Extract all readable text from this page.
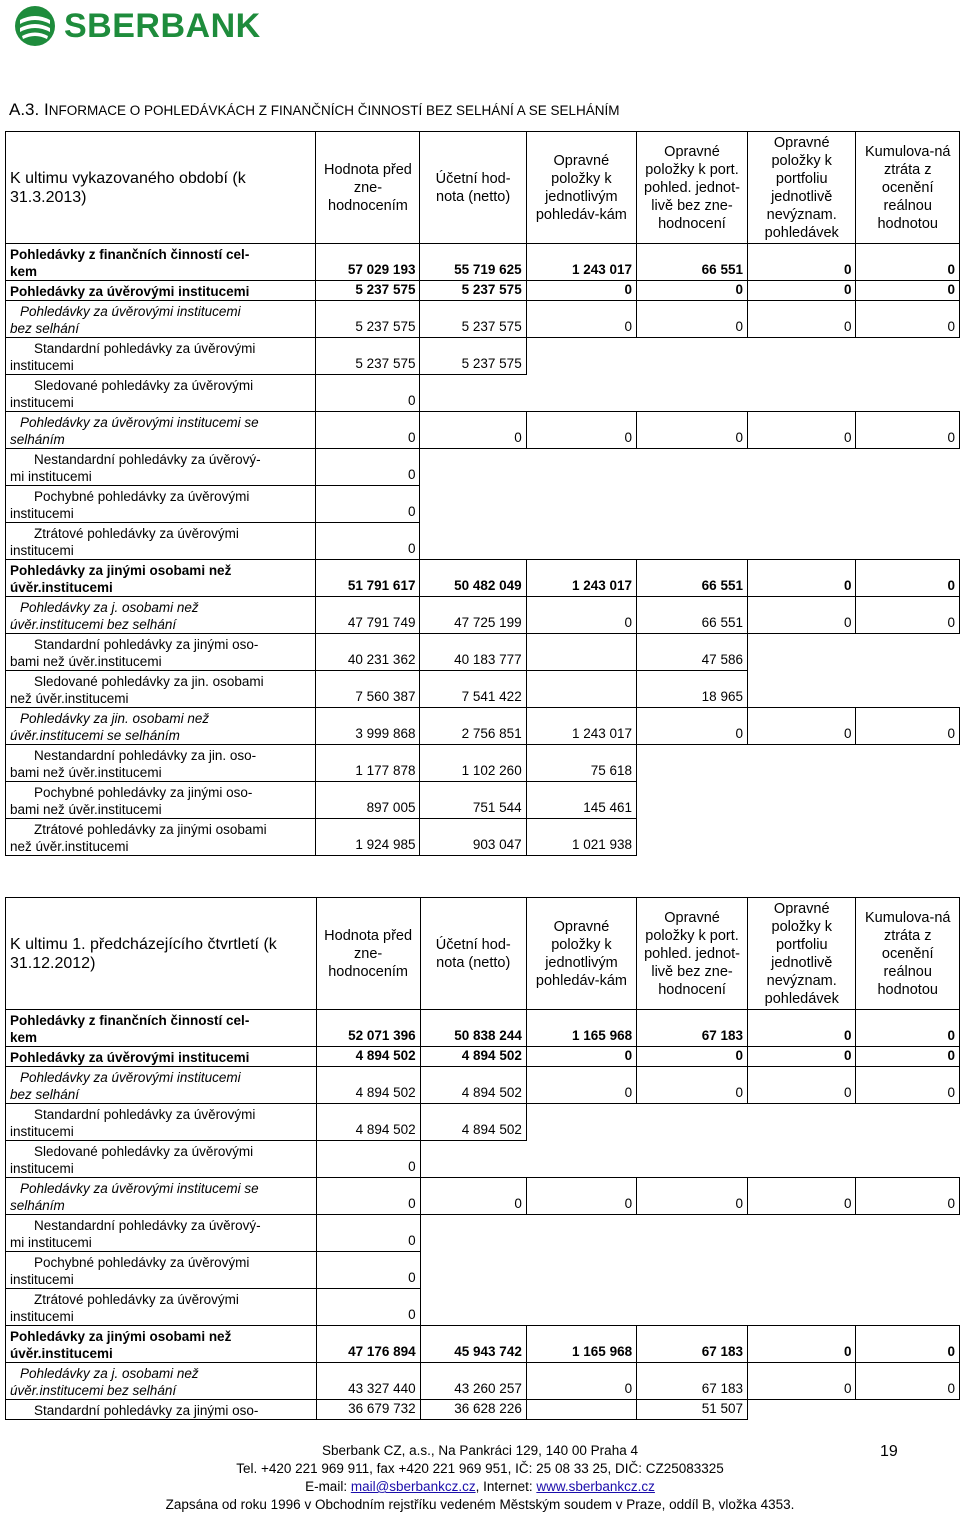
SBERBANK
A.3. INFORMACE O POHLEDÁVKÁCH Z FINANČNÍCH ČINNOSTÍ BEZ SELHÁNÍ A SE SELHÁNÍM
K ultimu vykazovaného období (k 31.3.2013)	Hodnota před zne-hodnocením	Účetní hod-nota (netto)	Opravné položky k jednotlivým pohledáv-kám	Opravné položky k port. pohled. jednot-livě bez zne-hodnocení	Opravné položky k portfoliu jednotlivě nevýznam. pohledávek	Kumulova-ná ztráta z ocenění reálnou hodnotou

Pohledávky z finančních činností cel-
kem	57 029 193	55 719 625	1 243 017	66 551	0	0

Pohledávky za úvěrovými institucemi	5 237 575	5 237 575	0	0	0	0

Pohledávky za úvěrovými institucemi
bez selhání	5 237 575	5 237 575	0	0	0	0

Standardní pohledávky za úvěrovými
institucemi	5 237 575	5 237 575				

Sledované pohledávky za úvěrovými
institucemi	0					

Pohledávky za úvěrovými institucemi se
selháním	0	0	0	0	0	0

Nestandardní pohledávky za úvěrový-
mi institucemi	0					

Pochybné pohledávky za úvěrovými
institucemi	0					

Ztrátové pohledávky za úvěrovými
institucemi	0					

Pohledávky za jinými osobami než
úvěr.institucemi	51 791 617	50 482 049	1 243 017	66 551	0	0

Pohledávky za j. osobami než
úvěr.institucemi bez selhání	47 791 749	47 725 199	0	66 551	0	0

Standardní pohledávky za jinými oso-
bami než úvěr.institucemi	40 231 362	40 183 777		47 586		

Sledované pohledávky za jin. osobami
než úvěr.institucemi	7 560 387	7 541 422		18 965		

Pohledávky za jin. osobami než
úvěr.institucemi se selháním	3 999 868	2 756 851	1 243 017	0	0	0

Nestandardní pohledávky za jin. oso-
bami než úvěr.institucemi	1 177 878	1 102 260	75 618			

Pochybné pohledávky za jinými oso-
bami než úvěr.institucemi	897 005	751 544	145 461			

Ztrátové pohledávky za jinými osobami
než úvěr.institucemi	1 924 985	903 047	1 021 938			
K ultimu 1. předcházejícího čtvrtletí (k 31.12.2012)	Hodnota před zne-hodnocením	Účetní hod-nota (netto)	Opravné položky k jednotlivým pohledáv-kám	Opravné položky k port. pohled. jednot-livě bez zne-hodnocení	Opravné položky k portfoliu jednotlivě nevýznam. pohledávek	Kumulova-ná ztráta z ocenění reálnou hodnotou

Pohledávky z finančních činností cel-
kem	52 071 396	50 838 244	1 165 968	67 183	0	0

Pohledávky za úvěrovými institucemi	4 894 502	4 894 502	0	0	0	0

Pohledávky za úvěrovými institucemi
bez selhání	4 894 502	4 894 502	0	0	0	0

Standardní pohledávky za úvěrovými
institucemi	4 894 502	4 894 502				

Sledované pohledávky za úvěrovými
institucemi	0					

Pohledávky za úvěrovými institucemi se
selháním	0	0	0	0	0	0

Nestandardní pohledávky za úvěrový-
mi institucemi	0					

Pochybné pohledávky za úvěrovými
institucemi	0					

Ztrátové pohledávky za úvěrovými
institucemi	0					

Pohledávky za jinými osobami než
úvěr.institucemi	47 176 894	45 943 742	1 165 968	67 183	0	0

Pohledávky za j. osobami než
úvěr.institucemi bez selhání	43 327 440	43 260 257	0	67 183	0	0

Standardní pohledávky za jinými oso-	36 679 732	36 628 226		51 507		
Sberbank CZ, a.s., Na Pankráci 129, 140 00 Praha 4
Tel. +420 221 969 911, fax +420 221 969 951, IČ: 25 08 33 25, DIČ: CZ25083325
E-mail: mail@sberbankcz.cz, Internet: www.sberbankcz.cz
Zapsána od roku 1996 v Obchodním rejstříku vedeném Městským soudem v Praze, oddíl B, vložka 4353.
19
